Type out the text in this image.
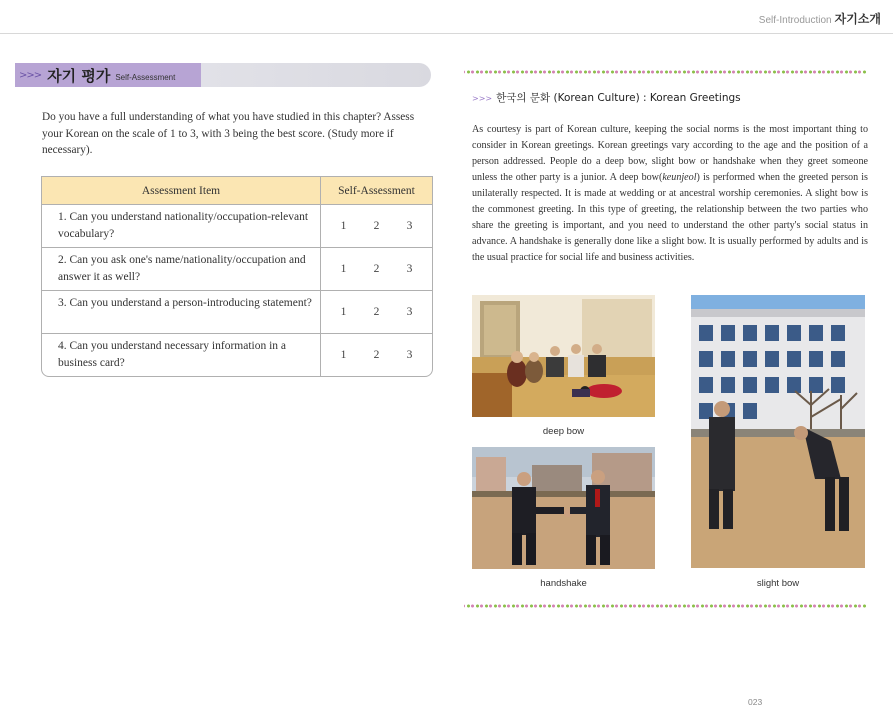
Self-Introduction 자기소개
>>> 자기 평가 Self-Assessment
Do you have a full understanding of what you have studied in this chapter? Assess your Korean on the scale of 1 to 3, with 3 being the best score. (Study more if necessary).
Assessment Item	Self-Assessment
1. Can you understand nationality/occupation-relevant vocabulary?
1 2 3
2. Can you ask one's name/nationality/occupation and answer it as well?
1 2 3
3. Can you understand a person-introducing statement?
1 2 3
4. Can you understand necessary information in a business card?
1 2 3
>>> 한국의 문화 (Korean Culture) : Korean Greetings
As courtesy is part of Korean culture, keeping the social norms is the most important thing to consider in Korean greetings. Korean greetings vary according to the age and the position of a person addressed. People do a deep bow, slight bow or handshake when they greet someone unless the other party is a junior. A deep bow(keunjeol) is performed when the greeted person is unilaterally respected. It is made at wedding or at ancestral worship ceremonies. A slight bow is the commonest greeting. In this type of greeting, the relationship between the two parties who share the greeting is important, and you need to understand the other party's social status in advance. A handshake is generally done like a slight bow. It is usually performed by adults and is the usual practice for social life and business activities.
deep bow
handshake	slight bow
023
